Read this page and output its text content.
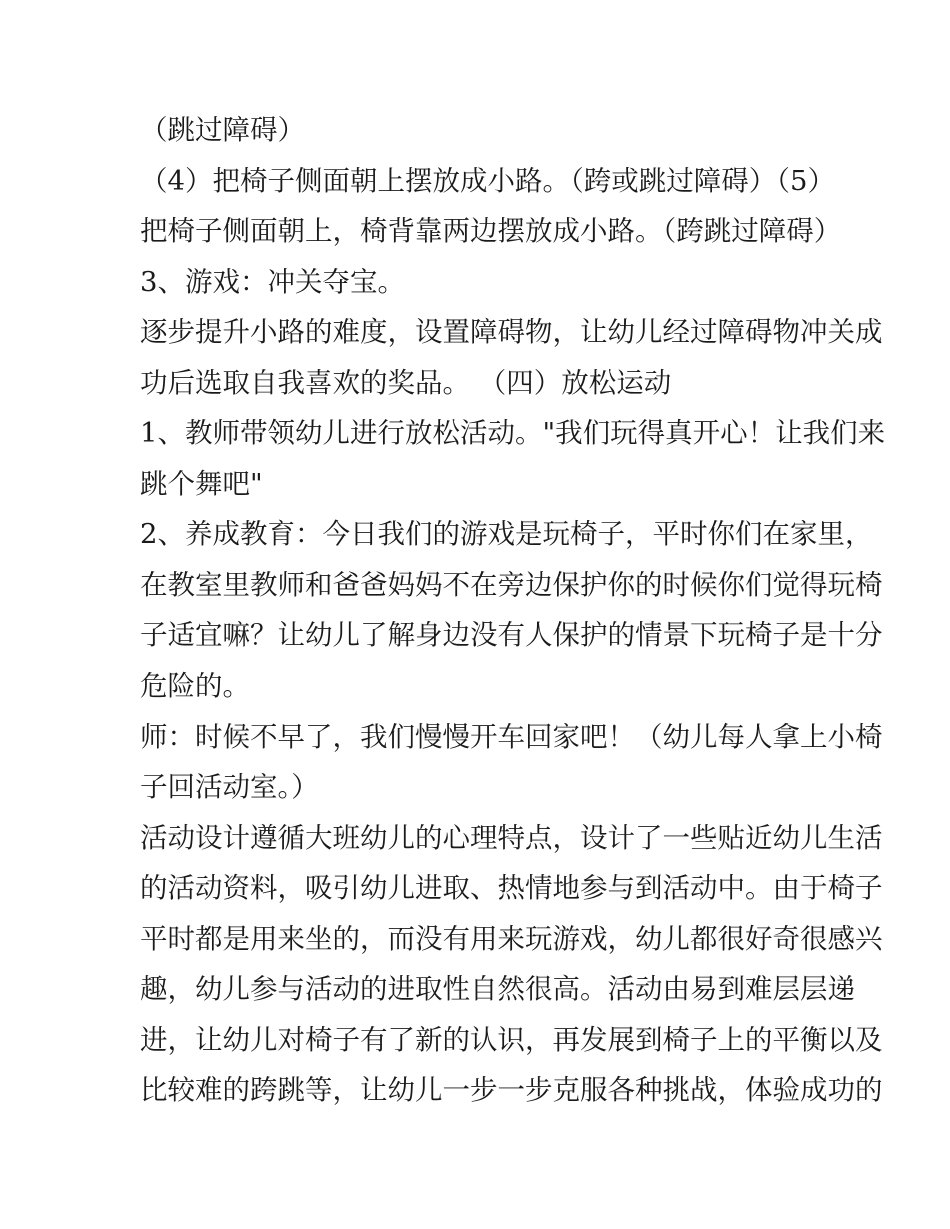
（跳过障碍）
（4）把椅子侧面朝上摆放成小路。（跨或跳过障碍）（5）
把椅子侧面朝上，椅背靠两边摆放成小路。（跨跳过障碍）
3、游戏：冲关夺宝。
逐步提升小路的难度，设置障碍物，让幼儿经过障碍物冲关成
功后选取自我喜欢的奖品。 （四）放松运动
1、教师带领幼儿进行放松活动。"我们玩得真开心！让我们来
跳个舞吧"
2、养成教育：今日我们的游戏是玩椅子，平时你们在家里，
在教室里教师和爸爸妈妈不在旁边保护你的时候你们觉得玩椅
子适宜嘛？让幼儿了解身边没有人保护的情景下玩椅子是十分
危险的。
师：时候不早了，我们慢慢开车回家吧！（幼儿每人拿上小椅
子回活动室。）
活动设计遵循大班幼儿的心理特点，设计了一些贴近幼儿生活
的活动资料，吸引幼儿进取、热情地参与到活动中。由于椅子
平时都是用来坐的，而没有用来玩游戏，幼儿都很好奇很感兴
趣，幼儿参与活动的进取性自然很高。活动由易到难层层递
进，让幼儿对椅子有了新的认识，再发展到椅子上的平衡以及
比较难的跨跳等，让幼儿一步一步克服各种挑战，体验成功的
